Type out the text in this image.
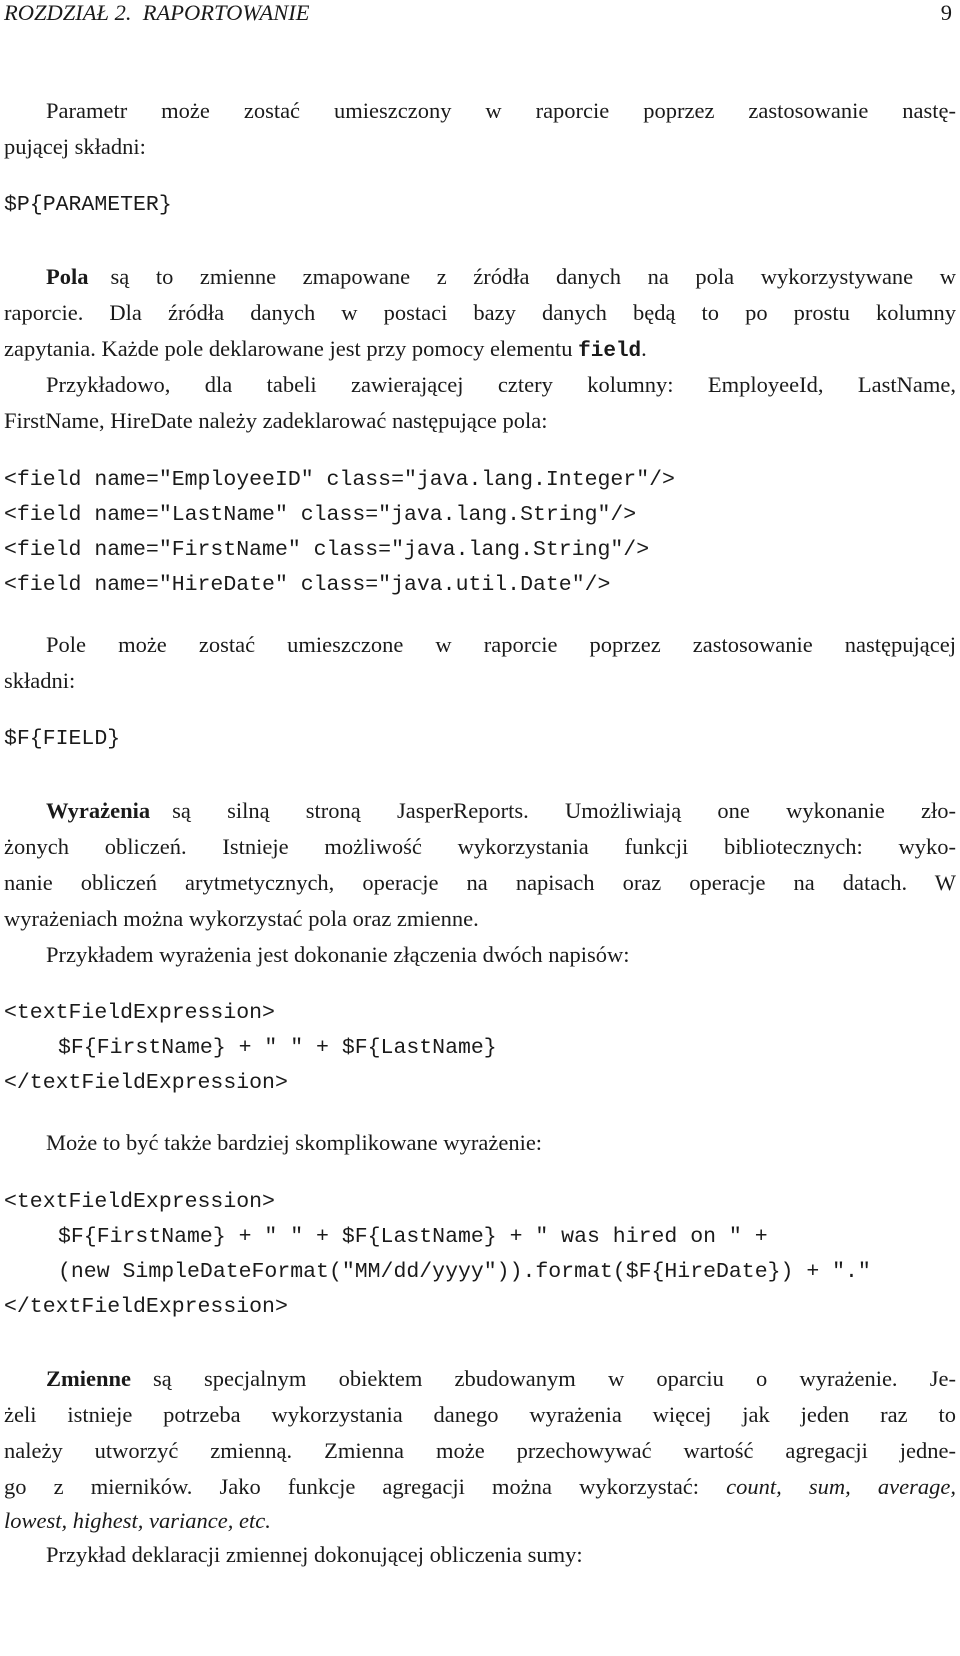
ROZDZIAŁ 2.  RAPORTOWANIE	9
Parametr może zostać umieszczony w raporcie poprzez zastosowanie nastę-
pującej składni:
$P{PARAMETER}
Pola są to zmienne zmapowane z źródła danych na pola wykorzystywane w
raporcie. Dla źródła danych w postaci bazy danych będą to po prostu kolumny
zapytania. Każde pole deklarowane jest przy pomocy elementu field.
Przykładowo, dla tabeli zawierającej cztery kolumny: EmployeeId, LastName,
FirstName, HireDate należy zadeklarować następujące pola:
<field name="EmployeeID" class="java.lang.Integer"/>
<field name="LastName" class="java.lang.String"/>
<field name="FirstName" class="java.lang.String"/>
<field name="HireDate" class="java.util.Date"/>
Pole może zostać umieszczone w raporcie poprzez zastosowanie następującej
składni:
$F{FIELD}
Wyrażenia są silną stroną JasperReports. Umożliwiają one wykonanie zło-
żonych obliczeń. Istnieje możliwość wykorzystania funkcji bibliotecznych: wyko-
nanie obliczeń arytmetycznych, operacje na napisach oraz operacje na datach. W
wyrażeniach można wykorzystać pola oraz zmienne.
Przykładem wyrażenia jest dokonanie złączenia dwóch napisów:
<textFieldExpression>
$F{FirstName} + " " + $F{LastName}
</textFieldExpression>
Może to być także bardziej skomplikowane wyrażenie:
<textFieldExpression>
$F{FirstName} + " " + $F{LastName} + " was hired on " +
(new SimpleDateFormat("MM/dd/yyyy")).format($F{HireDate}) + "."
</textFieldExpression>
Zmienne są specjalnym obiektem zbudowanym w oparciu o wyrażenie. Je-
żeli istnieje potrzeba wykorzystania danego wyrażenia więcej jak jeden raz to
należy utworzyć zmienną. Zmienna może przechowywać wartość agregacji jedne-
go z mierników. Jako funkcje agregacji można wykorzystać: count, sum, average,
lowest, highest, variance, etc.
Przykład deklaracji zmiennej dokonującej obliczenia sumy:
